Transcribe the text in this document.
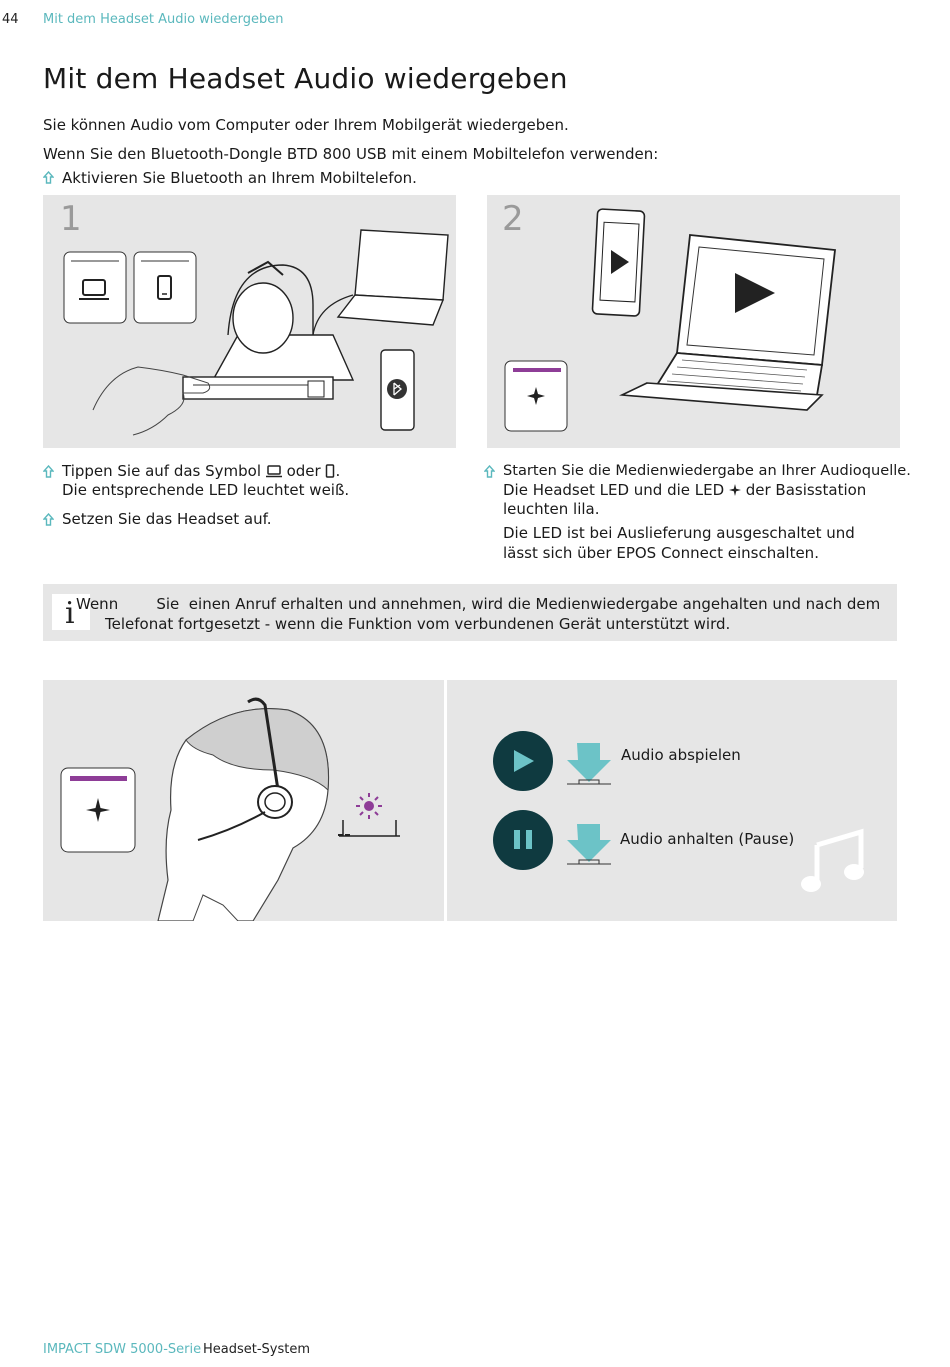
44 Mit dem Headset Audio wiedergeben
Mit dem Headset Audio wiedergeben
Sie können Audio vom Computer oder Ihrem Mobilgerät wiedergeben.
Wenn Sie den Bluetooth-Dongle BTD 800 USB mit einem Mobiltelefon verwenden:
Aktivieren Sie Bluetooth an Ihrem Mobiltelefon.
1	2
Tippen Sie auf das Symbol oder .
Die entsprechende LED leuchtet weiß.
Setzen Sie das Headset auf.
Starten Sie die Medienwiedergabe an Ihrer Audioquelle.
Die Headset LED und die LED der Basisstation
leuchten lila.
Die LED ist bei Auslieferung ausgeschaltet und
lässt sich über EPOS Connect einschalten.
i Wenn        Sie  einen Anruf erhalten und annehmen, wird die Medienwiedergabe angehalten und nach dem
Telefonat fortgesetzt - wenn die Funktion vom verbundenen Gerät unterstützt wird.
Audio abspielen
Audio anhalten (Pause)
IMPACT SDW 5000-Serie Headset-System
